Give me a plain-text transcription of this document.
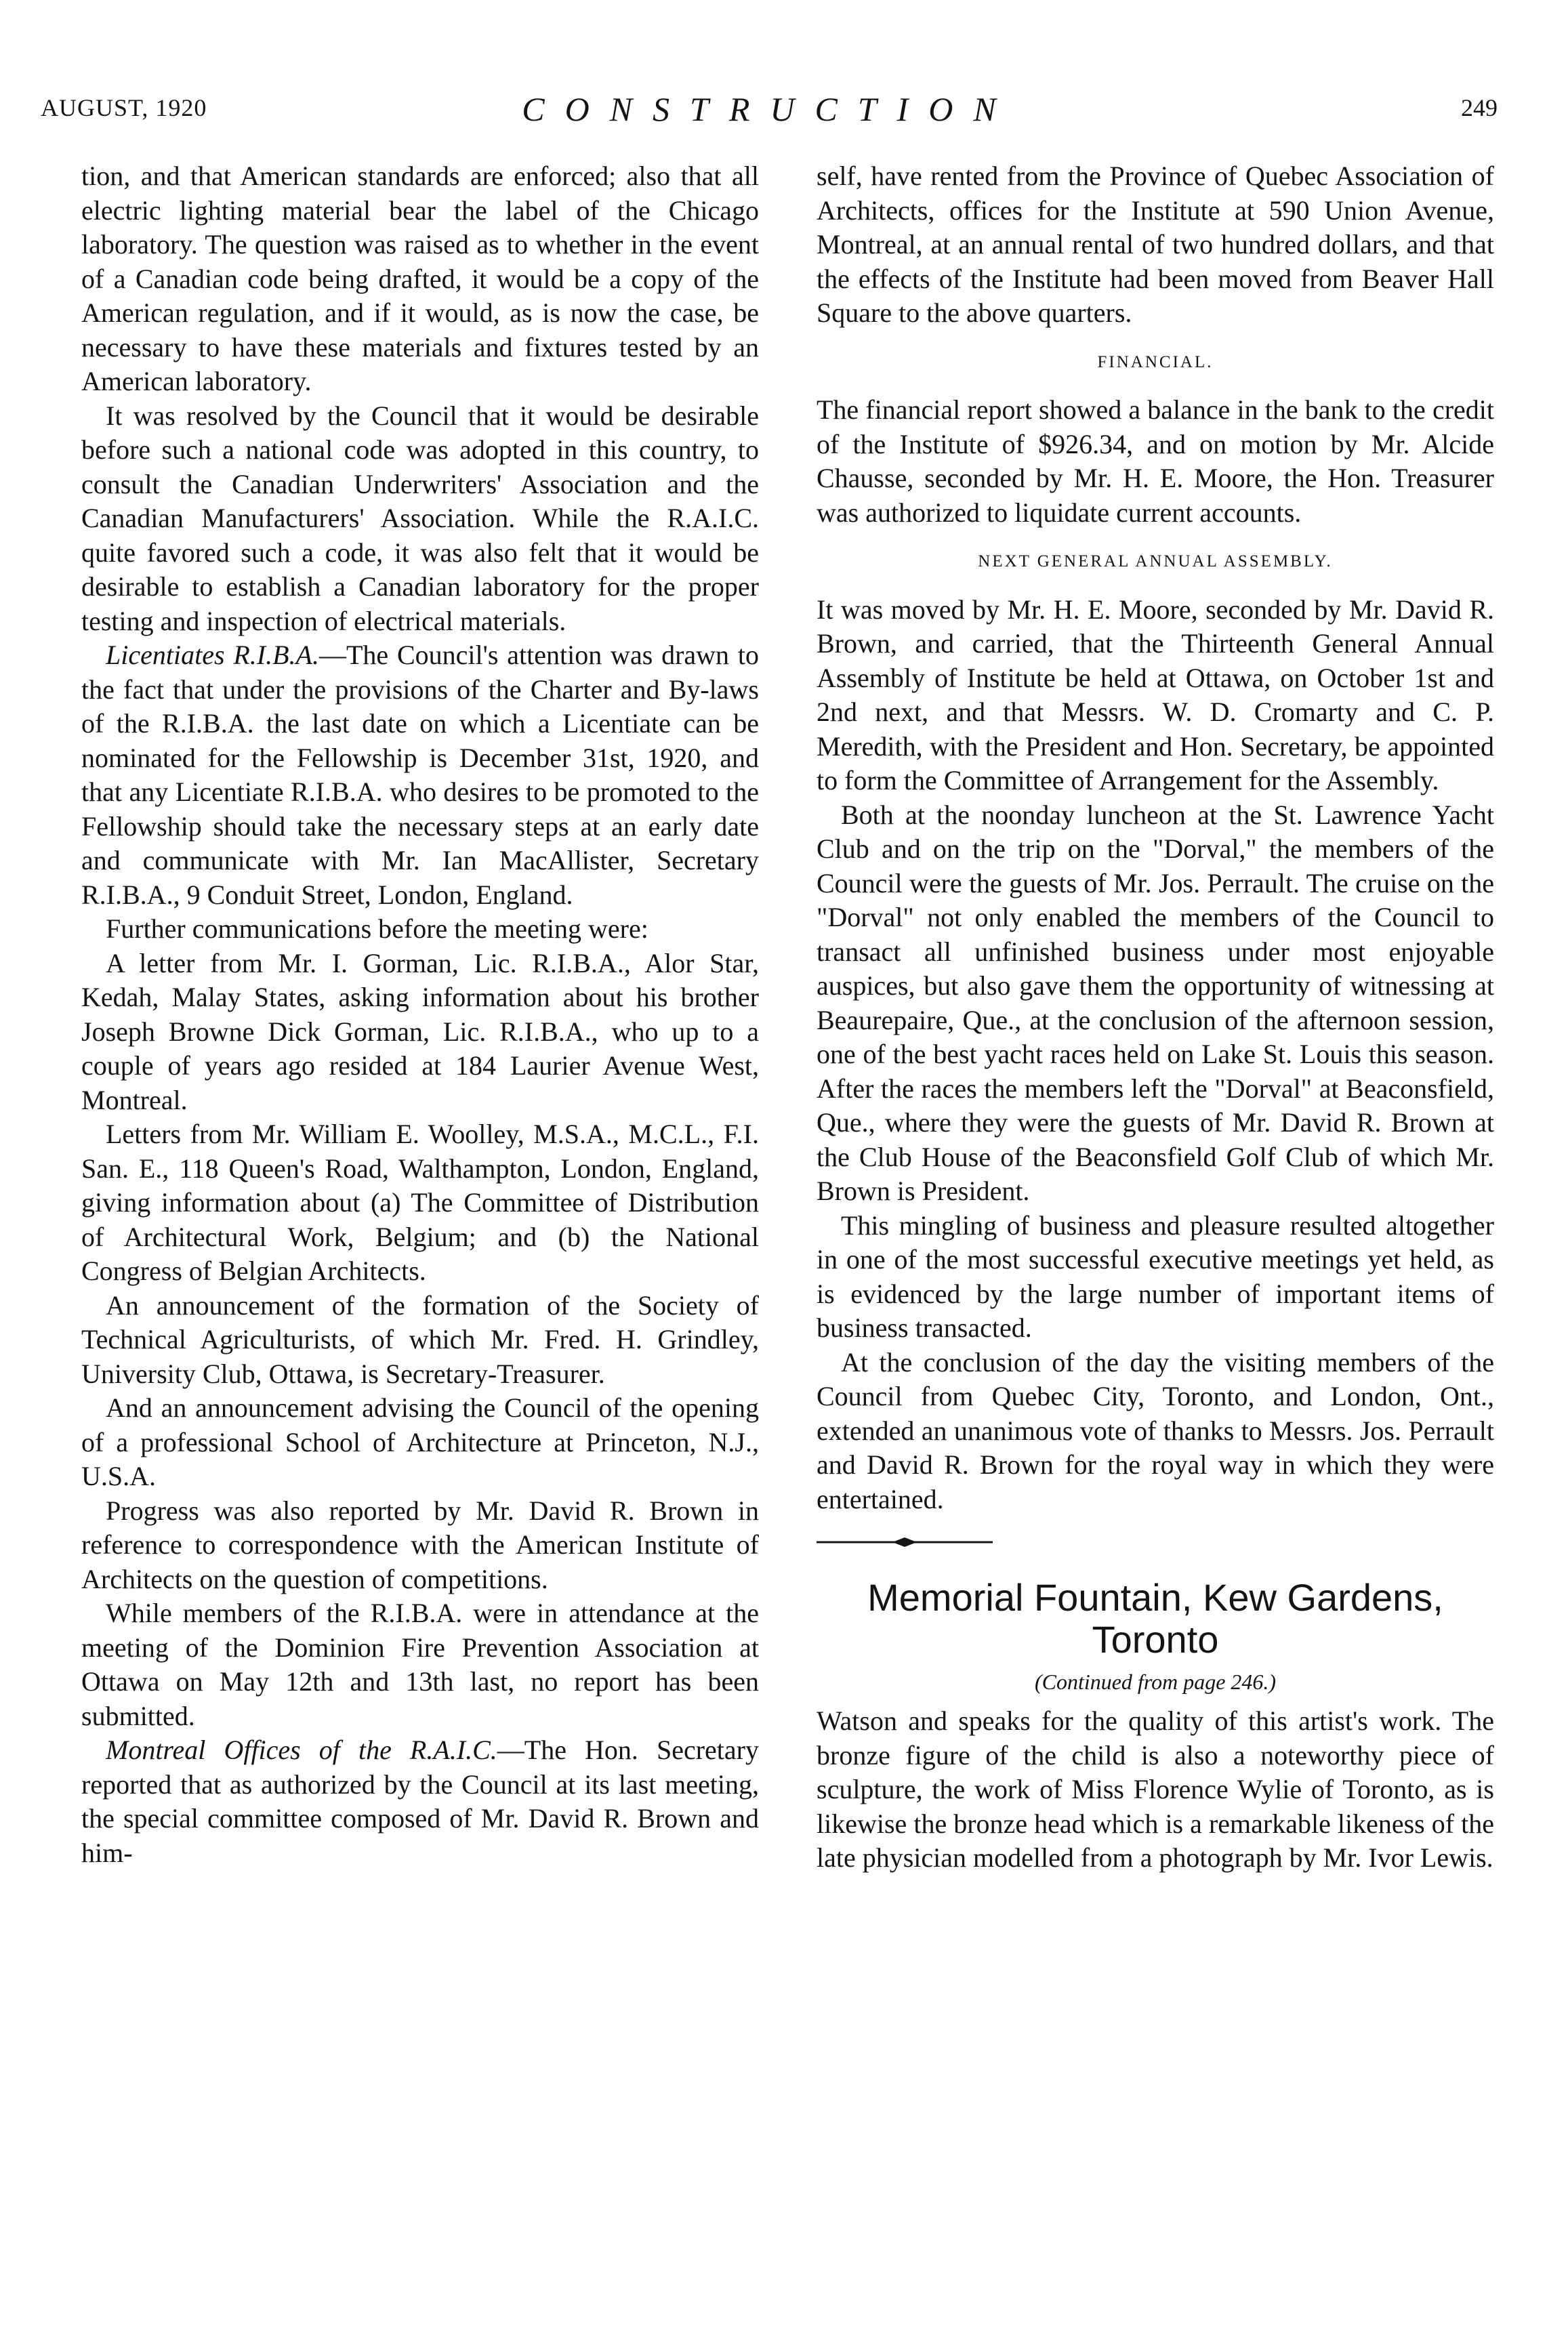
AUGUST, 1920	CONSTRUCTION	249

tion, and that American standards are enforced; also that all electric lighting material bear the label of the Chicago laboratory. The question was raised as to whether in the event of a Canadian code being drafted, it would be a copy of the American regulation, and if it would, as is now the case, be necessary to have these materials and fixtures tested by an American laboratory.

It was resolved by the Council that it would be desirable before such a national code was adopted in this country, to consult the Canadian Underwriters' Association and the Canadian Manufacturers' Association. While the R.A.I.C. quite favored such a code, it was also felt that it would be desirable to establish a Canadian laboratory for the proper testing and inspection of electrical materials.

Licentiates R.I.B.A.—The Council's attention was drawn to the fact that under the provisions of the Charter and By-laws of the R.I.B.A. the last date on which a Licentiate can be nominated for the Fellowship is December 31st, 1920, and that any Licentiate R.I.B.A. who desires to be promoted to the Fellowship should take the necessary steps at an early date and communicate with Mr. Ian MacAllister, Secretary R.I.B.A., 9 Conduit Street, London, England.

Further communications before the meeting were:

A letter from Mr. I. Gorman, Lic. R.I.B.A., Alor Star, Kedah, Malay States, asking information about his brother Joseph Browne Dick Gorman, Lic. R.I.B.A., who up to a couple of years ago resided at 184 Laurier Avenue West, Montreal.

Letters from Mr. William E. Woolley, M.S.A., M.C.L., F.I. San. E., 118 Queen's Road, Walthampton, London, England, giving information about (a) The Committee of Distribution of Architectural Work, Belgium; and (b) the National Congress of Belgian Architects.

An announcement of the formation of the Society of Technical Agriculturists, of which Mr. Fred. H. Grindley, University Club, Ottawa, is Secretary-Treasurer.

And an announcement advising the Council of the opening of a professional School of Architecture at Princeton, N.J., U.S.A.

Progress was also reported by Mr. David R. Brown in reference to correspondence with the American Institute of Architects on the question of competitions.

While members of the R.I.B.A. were in attendance at the meeting of the Dominion Fire Prevention Association at Ottawa on May 12th and 13th last, no report has been submitted.

Montreal Offices of the R.A.I.C.—The Hon. Secretary reported that as authorized by the Council at its last meeting, the special committee composed of Mr. David R. Brown and him-

self, have rented from the Province of Quebec Association of Architects, offices for the Institute at 590 Union Avenue, Montreal, at an annual rental of two hundred dollars, and that the effects of the Institute had been moved from Beaver Hall Square to the above quarters.

FINANCIAL.

The financial report showed a balance in the bank to the credit of the Institute of $926.34, and on motion by Mr. Alcide Chausse, seconded by Mr. H. E. Moore, the Hon. Treasurer was authorized to liquidate current accounts.

NEXT GENERAL ANNUAL ASSEMBLY.

It was moved by Mr. H. E. Moore, seconded by Mr. David R. Brown, and carried, that the Thirteenth General Annual Assembly of Institute be held at Ottawa, on October 1st and 2nd next, and that Messrs. W. D. Cromarty and C. P. Meredith, with the President and Hon. Secretary, be appointed to form the Committee of Arrangement for the Assembly.

Both at the noonday luncheon at the St. Lawrence Yacht Club and on the trip on the "Dorval," the members of the Council were the guests of Mr. Jos. Perrault. The cruise on the "Dorval" not only enabled the members of the Council to transact all unfinished business under most enjoyable auspices, but also gave them the opportunity of witnessing at Beaurepaire, Que., at the conclusion of the afternoon session, one of the best yacht races held on Lake St. Louis this season. After the races the members left the "Dorval" at Beaconsfield, Que., where they were the guests of Mr. David R. Brown at the Club House of the Beaconsfield Golf Club of which Mr. Brown is President.

This mingling of business and pleasure resulted altogether in one of the most successful executive meetings yet held, as is evidenced by the large number of important items of business transacted.

At the conclusion of the day the visiting members of the Council from Quebec City, Toronto, and London, Ont., extended an unanimous vote of thanks to Messrs. Jos. Perrault and David R. Brown for the royal way in which they were entertained.

Memorial Fountain, Kew Gardens,
Toronto
(Continued from page 246.)

Watson and speaks for the quality of this artist's work. The bronze figure of the child is also a noteworthy piece of sculpture, the work of Miss Florence Wylie of Toronto, as is likewise the bronze head which is a remarkable likeness of the late physician modelled from a photograph by Mr. Ivor Lewis.
